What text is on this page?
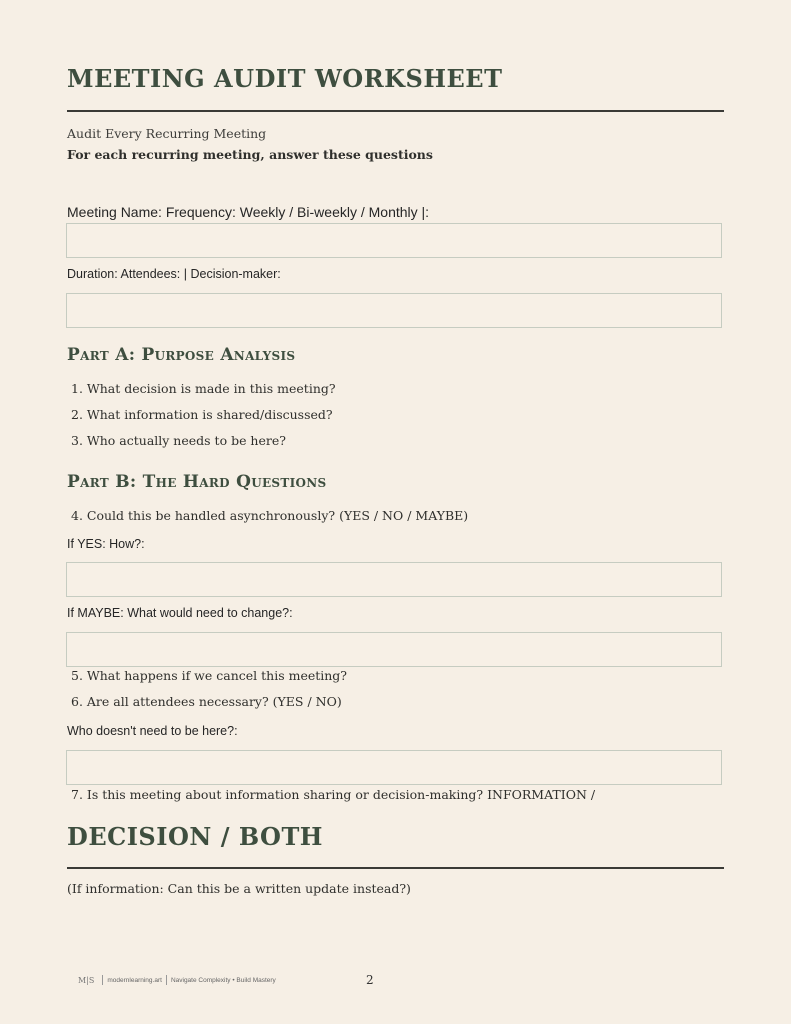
MEETING AUDIT WORKSHEET
Audit Every Recurring Meeting
For each recurring meeting, answer these questions
Meeting Name: Frequency: Weekly / Bi-weekly / Monthly |:
Duration: Attendees: | Decision-maker:
Part A: Purpose Analysis
1. What decision is made in this meeting?
2. What information is shared/discussed?
3. Who actually needs to be here?
Part B: The Hard Questions
4. Could this be handled asynchronously? (YES / NO / MAYBE)
If YES: How?:
If MAYBE: What would need to change?:
5. What happens if we cancel this meeting?
6. Are all attendees necessary? (YES / NO)
Who doesn't need to be here?:
7. Is this meeting about information sharing or decision-making? INFORMATION /
DECISION / BOTH
(If information: Can this be a written update instead?)
M|S modernlearning.art Navigate Complexity • Build Mastery	2
